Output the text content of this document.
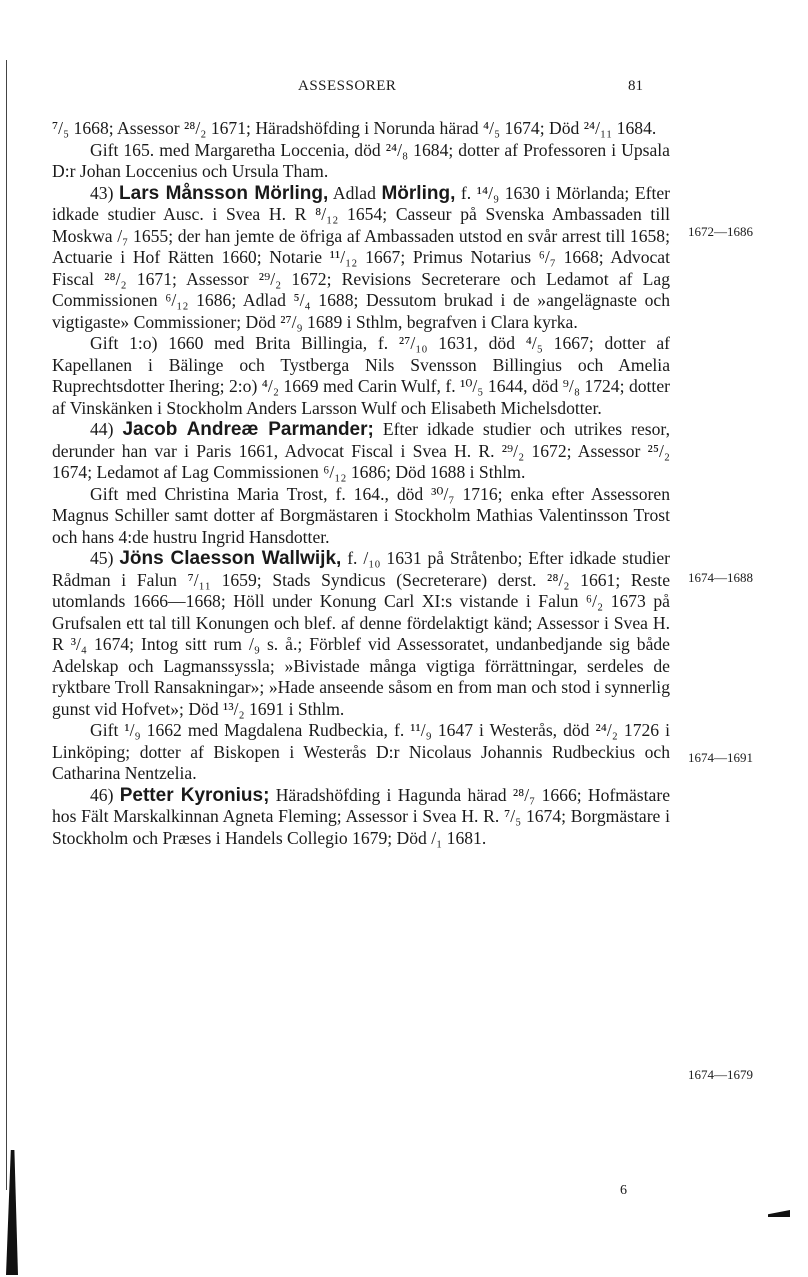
ASSESSORER	81

⁷/₅ 1668; Assessor ²⁸/₂ 1671; Häradshöfding i Norunda härad ⁴/₅ 1674; Död ²⁴/₁₁ 1684.

Gift 165. med Margaretha Loccenia, död ²⁴/₈ 1684; dotter af Professoren i Upsala D:r Johan Loccenius och Ursula Tham.

43) Lars Månsson Mörling, Adlad Mörling, f. ¹⁴/₉ 1630 i Mörlanda; Efter idkade studier Ausc. i Svea H. R ⁸/₁₂ 1654; Casseur på Svenska Ambassaden till Moskwa /₇ 1655; der han jemte de öfriga af Ambassaden utstod en svår arrest till 1658; Actuarie i Hof Rätten 1660; Notarie ¹¹/₁₂ 1667; Primus Notarius ⁶/₇ 1668; Advocat Fiscal ²⁸/₂ 1671; Assessor ²⁹/₂ 1672; Revisions Secreterare och Ledamot af Lag Commissionen ⁶/₁₂ 1686; Adlad ⁵/₄ 1688; Dessutom brukad i de »angelägnaste och vigtigaste» Commissioner; Död ²⁷/₉ 1689 i Sthlm, begrafven i Clara kyrka.

Gift 1:o) 1660 med Brita Billingia, f. ²⁷/₁₀ 1631, död ⁴/₅ 1667; dotter af Kapellanen i Bälinge och Tystberga Nils Svensson Billingius och Amelia Ruprechtsdotter Ihering; 2:o) ⁴/₂ 1669 med Carin Wulf, f. ¹⁰/₅ 1644, död ⁹/₈ 1724; dotter af Vinskänken i Stockholm Anders Larsson Wulf och Elisabeth Michelsdotter.

44) Jacob Andreæ Parmander; Efter idkade studier och utrikes resor, derunder han var i Paris 1661, Advocat Fiscal i Svea H. R. ²⁹/₂ 1672; Assessor ²⁵/₂ 1674; Ledamot af Lag Commissionen ⁶/₁₂ 1686; Död 1688 i Sthlm.

Gift med Christina Maria Trost, f. 164., död ³⁰/₇ 1716; enka efter Assessoren Magnus Schiller samt dotter af Borgmästaren i Stockholm Mathias Valentinsson Trost och hans 4:de hustru Ingrid Hansdotter.

45) Jöns Claesson Wallwijk, f. /₁₀ 1631 på Stråtenbo; Efter idkade studier Rådman i Falun ⁷/₁₁ 1659; Stads Syndicus (Secreterare) derst. ²⁸/₂ 1661; Reste utomlands 1666—1668; Höll under Konung Carl XI:s vistande i Falun ⁶/₂ 1673 på Grufsalen ett tal till Konungen och blef. af denne fördelaktigt känd; Assessor i Svea H. R ³/₄ 1674; Intog sitt rum /₉ s. å.; Förblef vid Assessoratet, undanbedjande sig både Adelskap och Lagmanssyssla; »Bivistade många vigtiga förrättningar, serdeles de ryktbare Troll Ransakningar»; »Hade anseende såsom en from man och stod i synnerlig gunst vid Hofvet»; Död ¹³/₂ 1691 i Sthlm.

Gift ¹/₉ 1662 med Magdalena Rudbeckia, f. ¹¹/₉ 1647 i Westerås, död ²⁴/₂ 1726 i Linköping; dotter af Biskopen i Westerås D:r Nicolaus Johannis Rudbeckius och Catharina Nentzelia.

46) Petter Kyronius; Häradshöfding i Hagunda härad ²⁸/₇ 1666; Hofmästare hos Fält Marskalkinnan Agneta Fleming; Assessor i Svea H. R. ⁷/₅ 1674; Borgmästare i Stockholm och Præses i Handels Collegio 1679; Död /₁ 1681.

1672—1686
1674—1688
1674—1691
1674—1679
6
